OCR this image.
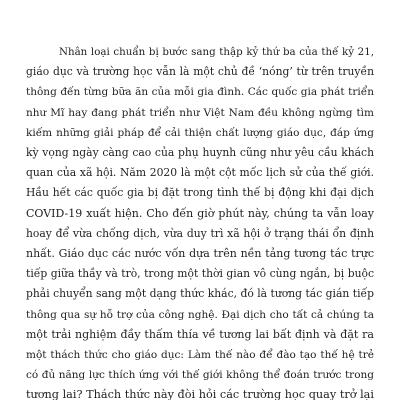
Nhân loại chuẩn bị bước sang thập kỷ thứ ba của thế kỷ 21,
giáo dục và trường học vẫn là một chủ đề ‘nóng’ từ trên truyền
thông đến từng bữa ăn của mỗi gia đình. Các quốc gia phát triển
như Mĩ hay đang phát triển như Việt Nam đều không ngừng tìm
kiếm những giải pháp để cải thiện chất lượng giáo dục, đáp ứng
kỳ vọng ngày càng cao của phụ huynh cũng như yêu cầu khách
quan của xã hội. Năm 2020 là một cột mốc lịch sử của thế giới.
Hầu hết các quốc gia bị đặt trong tình thế bị động khi đại dịch
COVID-19 xuất hiện. Cho đến giờ phút này, chúng ta vẫn loay
hoay để vừa chống dịch, vừa duy trì xã hội ở trạng thái ổn định
nhất. Giáo dục các nước vốn dựa trên nền tảng tương tác trực
tiếp giữa thầy và trò, trong một thời gian vô cùng ngắn, bị buộc
phải chuyển sang một dạng thức khác, đó là tương tác gián tiếp
thông qua sự hỗ trợ của công nghệ. Đại dịch cho tất cả chúng ta
một trải nghiệm đầy thấm thía về tương lai bất định và đặt ra
một thách thức cho giáo dục: Làm thế nào để đào tạo thế hệ trẻ
có đủ năng lực thích ứng với thế giới không thể đoán trước trong
tương lai? Thách thức này đòi hỏi các trường học quay trở lại
